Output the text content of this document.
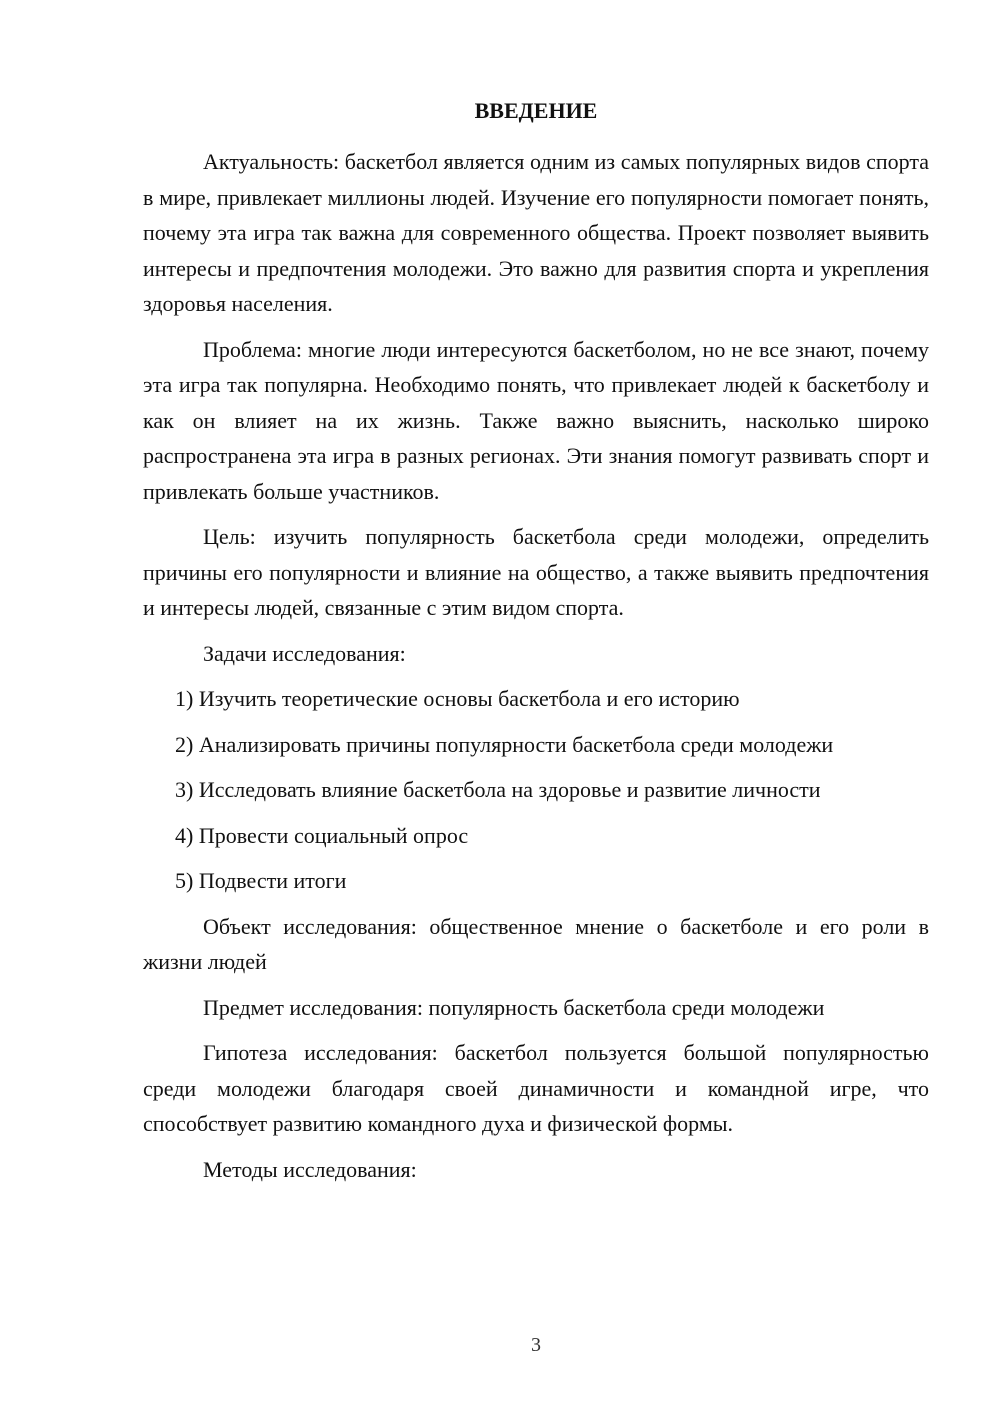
ВВЕДЕНИЕ

Актуальность: баскетбол является одним из самых популярных видов спорта в мире, привлекает миллионы людей. Изучение его популярности помогает понять, почему эта игра так важна для современного общества. Проект позволяет выявить интересы и предпочтения молодежи. Это важно для развития спорта и укрепления здоровья населения.

Проблема: многие люди интересуются баскетболом, но не все знают, почему эта игра так популярна. Необходимо понять, что привлекает людей к баскетболу и как он влияет на их жизнь. Также важно выяснить, насколько широко распространена эта игра в разных регионах. Эти знания помогут развивать спорт и привлекать больше участников.

Цель: изучить популярность баскетбола среди молодежи, определить причины его популярности и влияние на общество, а также выявить предпочтения и интересы людей, связанные с этим видом спорта.

Задачи исследования:

1) Изучить теоретические основы баскетбола и его историю
2) Анализировать причины популярности баскетбола среди молодежи
3) Исследовать влияние баскетбола на здоровье и развитие личности
4) Провести социальный опрос
5) Подвести итоги

Объект исследования: общественное мнение о баскетболе и его роли в жизни людей

Предмет исследования: популярность баскетбола среди молодежи

Гипотеза исследования: баскетбол пользуется большой популярностью среди молодежи благодаря своей динамичности и командной игре, что способствует развитию командного духа и физической формы.

Методы исследования:

3
